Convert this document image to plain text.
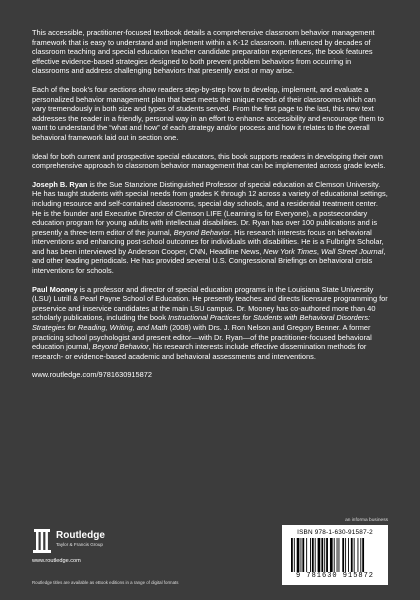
This accessible, practitioner-focused textbook details a comprehensive classroom behavior management framework that is easy to understand and implement within a K-12 classroom. Influenced by decades of classroom teaching and special education teacher candidate preparation experiences, the book features effective evidence-based strategies designed to both prevent problem behaviors from occurring in classrooms and address challenging behaviors that presently exist or may arise.

Each of the book’s four sections show readers step-by-step how to develop, implement, and evaluate a personalized behavior management plan that best meets the unique needs of their classrooms which can vary tremendously in both size and types of students served. From the first page to the last, this new text addresses the reader in a friendly, personal way in an effort to enhance accessibility and encourage them to want to understand the “what and how” of each strategy and/or process and how it relates to the overall behavioral framework laid out in section one.

Ideal for both current and prospective special educators, this book supports readers in developing their own comprehensive approach to classroom behavior management that can be implemented across grade levels.

Joseph B. Ryan is the Sue Stanzione Distinguished Professor of special education at Clemson University. He has taught students with special needs from grades K through 12 across a variety of educational settings, including resource and self-contained classrooms, special day schools, and a residential treatment center. He is the founder and Executive Director of Clemson LIFE (Learning is for Everyone), a postsecondary education program for young adults with intellectual disabilities. Dr. Ryan has over 100 publications and is presently a three-term editor of the journal, Beyond Behavior. His research interests focus on behavioral interventions and enhancing post-school outcomes for individuals with disabilities. He is a Fulbright Scholar, and has been interviewed by Anderson Cooper, CNN, Headline News, New York Times, Wall Street Journal, and other leading periodicals. He has provided several U.S. Congressional Briefings on behavioral crisis interventions for schools.

Paul Mooney is a professor and director of special education programs in the Louisiana State University (LSU) Lutrill & Pearl Payne School of Education. He presently teaches and directs licensure programming for preservice and inservice candidates at the main LSU campus. Dr. Mooney has co-authored more than 40 scholarly publications, including the book Instructional Practices for Students with Behavioral Disorders: Strategies for Reading, Writing, and Math (2008) with Drs. J. Ron Nelson and Gregory Benner. A former practicing school psychologist and present editor—with Dr. Ryan—of the practitioner-focused behavioral education journal, Beyond Behavior, his research interests include effective dissemination methods for research- or evidence-based academic and behavioral assessments and interventions.

www.routledge.com/9781630915872

an informa business
Routledge
Taylor & Francis Group
www.routledge.com
Routledge titles are available as eBook editions in a range of digital formats
ISBN 978-1-630-91587-2
9 781630 915872
